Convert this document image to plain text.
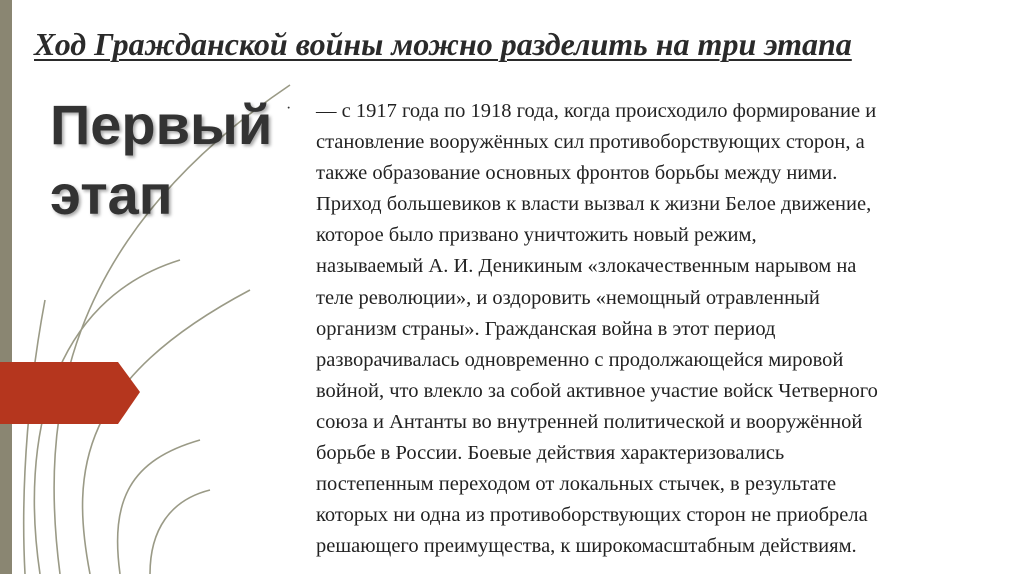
Ход Гражданской войны можно разделить на три этапа
Первый
этап
· — с 1917 года по 1918 года, когда происходило формирование и
становление вооружённых сил противоборствующих сторон, а
также образование основных фронтов борьбы между ними.
Приход большевиков к власти вызвал к жизни Белое движение,
которое было призвано уничтожить новый режим,
называемый А. И. Деникиным «злокачественным нарывом на
теле революции», и оздоровить «немощный отравленный
организм страны». Гражданская война в этот период
разворачивалась одновременно с продолжающейся мировой
войной, что влекло за собой активное участие войск Четверного
союза и Антанты во внутренней политической и вооружённой
борьбе в России. Боевые действия характеризовались
постепенным переходом от локальных стычек, в результате
которых ни одна из противоборствующих сторон не приобрела
решающего преимущества, к широкомасштабным действиям.
